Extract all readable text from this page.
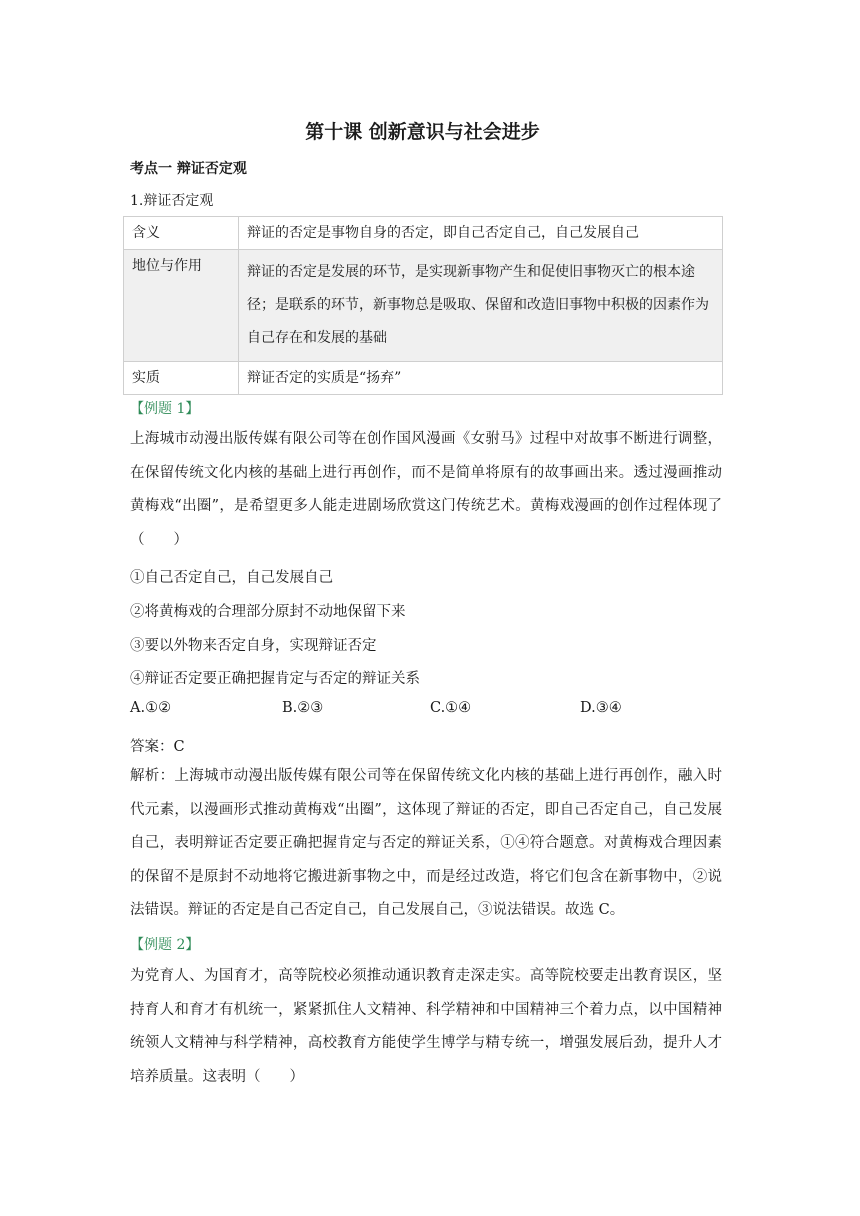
第十课 创新意识与社会进步
考点一 辩证否定观
1.辩证否定观
含义	辩证的否定是事物自身的否定，即自己否定自己，自己发展自己
地位与作用	辩证的否定是发展的环节，是实现新事物产生和促使旧事物灭亡的根本途径；是联系的环节，新事物总是吸取、保留和改造旧事物中积极的因素作为自己存在和发展的基础
实质	辩证否定的实质是“扬弃”
【例题 1】
上海城市动漫出版传媒有限公司等在创作国风漫画《女驸马》过程中对故事不断进行调整，在保留传统文化内核的基础上进行再创作，而不是简单将原有的故事画出来。透过漫画推动黄梅戏“出圈”，是希望更多人能走进剧场欣赏这门传统艺术。黄梅戏漫画的创作过程体现了（　　）
①自己否定自己，自己发展自己
②将黄梅戏的合理部分原封不动地保留下来
③要以外物来否定自身，实现辩证否定
④辩证否定要正确把握肯定与否定的辩证关系
A.①②	B.②③	C.①④	D.③④
答案：C
解析：上海城市动漫出版传媒有限公司等在保留传统文化内核的基础上进行再创作，融入时代元素，以漫画形式推动黄梅戏“出圈”，这体现了辩证的否定，即自己否定自己，自己发展自己，表明辩证否定要正确把握肯定与否定的辩证关系，①④符合题意。对黄梅戏合理因素的保留不是原封不动地将它搬进新事物之中，而是经过改造，将它们包含在新事物中，②说法错误。辩证的否定是自己否定自己，自己发展自己，③说法错误。故选 C。
【例题 2】
为党育人、为国育才，高等院校必须推动通识教育走深走实。高等院校要走出教育误区，坚持育人和育才有机统一，紧紧抓住人文精神、科学精神和中国精神三个着力点，以中国精神统领人文精神与科学精神，高校教育方能使学生博学与精专统一，增强发展后劲，提升人才培养质量。这表明（　　）
